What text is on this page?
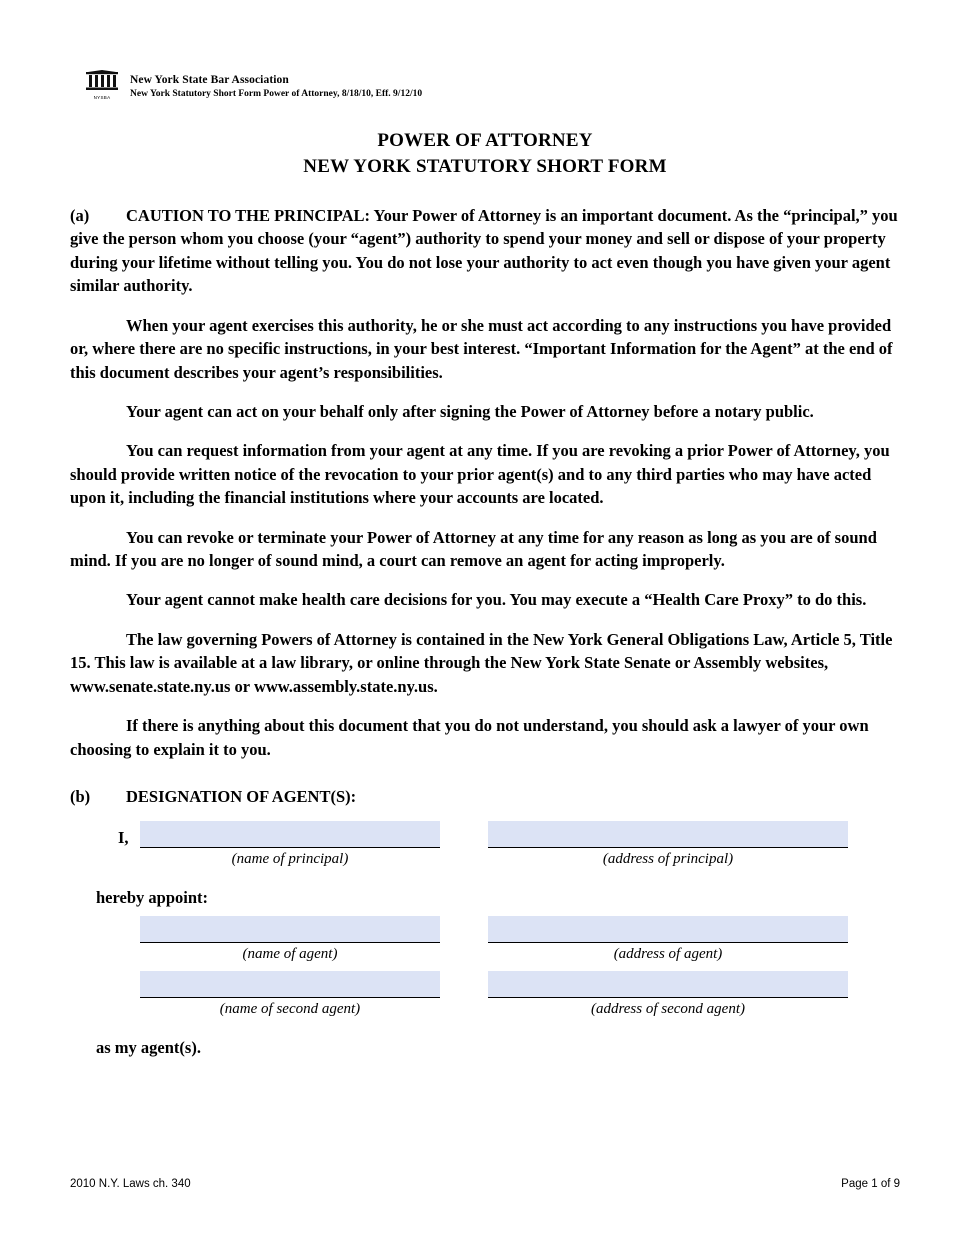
NYSBA
New York State Bar Association
New York Statutory Short Form Power of Attorney, 8/18/10, Eff. 9/12/10
POWER OF ATTORNEY
NEW YORK STATUTORY SHORT FORM

(a) CAUTION TO THE PRINCIPAL: Your Power of Attorney is an important document. As the “principal,” you give the person whom you choose (your “agent”) authority to spend your money and sell or dispose of your property during your lifetime without telling you. You do not lose your authority to act even though you have given your agent similar authority.

When your agent exercises this authority, he or she must act according to any instructions you have provided or, where there are no specific instructions, in your best interest. “Important Information for the Agent” at the end of this document describes your agent’s responsibilities.

Your agent can act on your behalf only after signing the Power of Attorney before a notary public.

You can request information from your agent at any time. If you are revoking a prior Power of Attorney, you should provide written notice of the revocation to your prior agent(s) and to any third parties who may have acted upon it, including the financial institutions where your accounts are located.

You can revoke or terminate your Power of Attorney at any time for any reason as long as you are of sound mind. If you are no longer of sound mind, a court can remove an agent for acting improperly.

Your agent cannot make health care decisions for you. You may execute a “Health Care Proxy” to do this.

The law governing Powers of Attorney is contained in the New York General Obligations Law, Article 5, Title 15. This law is available at a law library, or online through the New York State Senate or Assembly websites, www.senate.state.ny.us or www.assembly.state.ny.us.

If there is anything about this document that you do not understand, you should ask a lawyer of your own choosing to explain it to you.

(b) DESIGNATION OF AGENT(S):
I,
(name of principal)	(address of principal)
hereby appoint:
(name of agent)	(address of agent)
(name of second agent)	(address of second agent)
as my agent(s).
2010 N.Y. Laws ch. 340	Page 1 of 9
